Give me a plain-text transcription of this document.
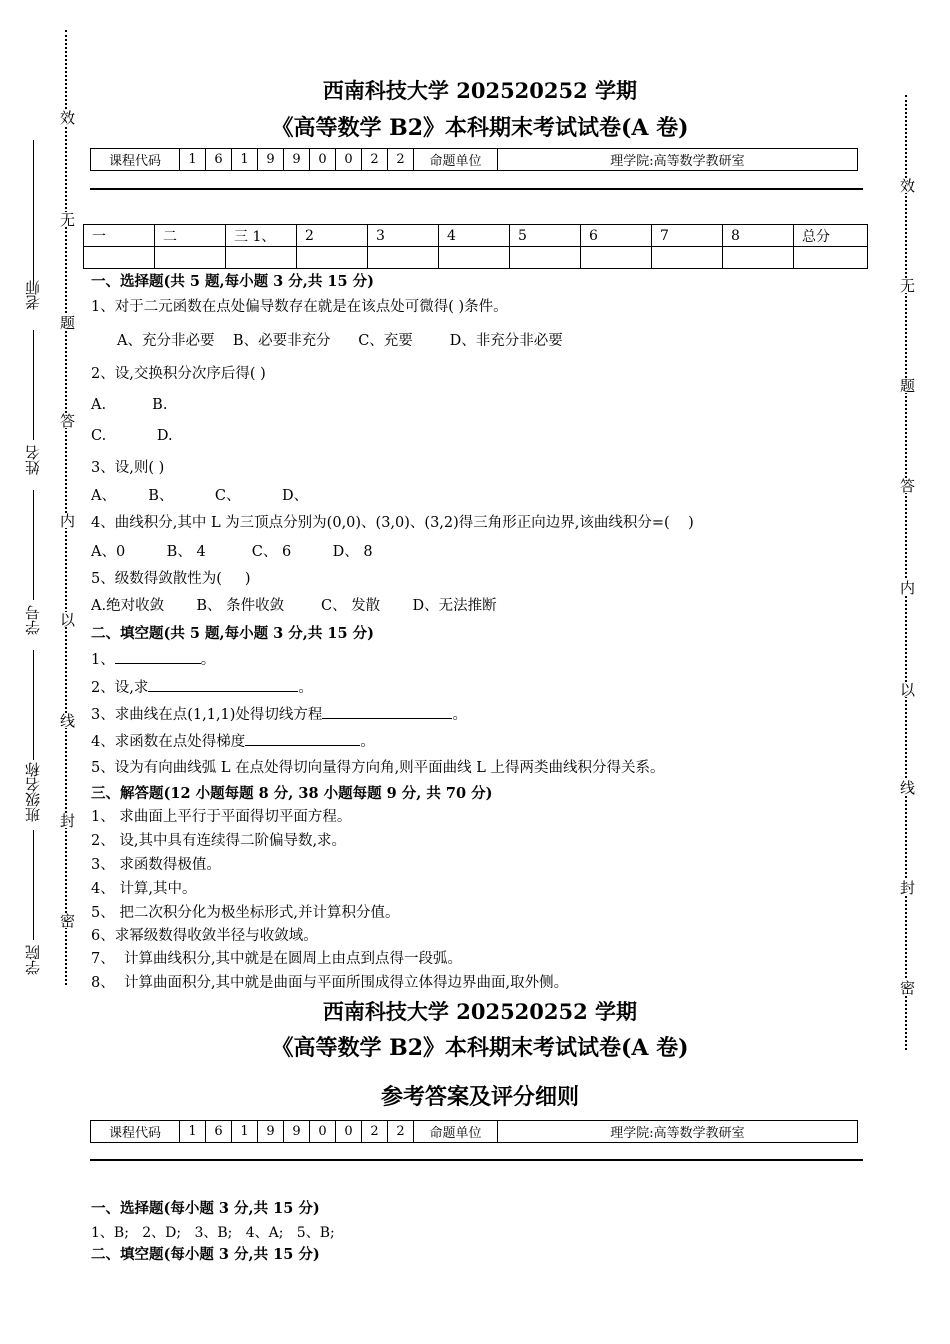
效
无
题
答
内
以
线
封
密
老师
姓名
学号
班级名称
学院
效
无
题
答
内
以
线
封
密
西南科技大学 202520252 学期
《高等数学 B2》本科期末考试试卷(A 卷)
课程代码	1	6	1	9	9	0	0	2	2	命题单位	理学院:高等数学教研室
一	二	三 1、	2	3	4	5	6	7	8	总分

一、选择题(共 5 题,每小题 3 分,共 15 分)
1、对于二元函数在点处偏导数存在就是在该点处可微得( )条件。
A、充分非必要    B、必要非充分      C、充要        D、非充分非必要
2、设,交换积分次序后得( )
A.          B.
C.           D.
3、设,则( )
A、       B、         C、         D、
4、曲线积分,其中 L 为三顶点分别为(0,0)、(3,0)、(3,2)得三角形正向边界,该曲线积分=(    )
A、0         B、 4          C、 6         D、 8
5、级数得敛散性为(     )
A.绝对收敛       B、 条件收敛        C、 发散       D、无法推断
二、填空题(共 5 题,每小题 3 分,共 15 分)
1、	。
2、设,求	。
3、求曲线在点(1,1,1)处得切线方程	。
4、求函数在点处得梯度	。
5、设为有向曲线弧 L 在点处得切向量得方向角,则平面曲线 L 上得两类曲线积分得关系。
三、解答题(12 小题每题 8 分, 38 小题每题 9 分, 共 70 分)
1、 求曲面上平行于平面得切平面方程。
2、 设,其中具有连续得二阶偏导数,求。
3、 求函数得极值。
4、 计算,其中。
5、 把二次积分化为极坐标形式,并计算积分值。
6、求幂级数得收敛半径与收敛域。
7、  计算曲线积分,其中就是在圆周上由点到点得一段弧。
8、  计算曲面积分,其中就是曲面与平面所围成得立体得边界曲面,取外侧。
西南科技大学 202520252 学期
《高等数学 B2》本科期末考试试卷(A 卷)
参考答案及评分细则
课程代码	1	6	1	9	9	0	0	2	2	命题单位	理学院:高等数学教研室
一、选择题(每小题 3 分,共 15 分)
1、B;   2、D;   3、B;   4、A;   5、B;
二、填空题(每小题 3 分,共 15 分)
